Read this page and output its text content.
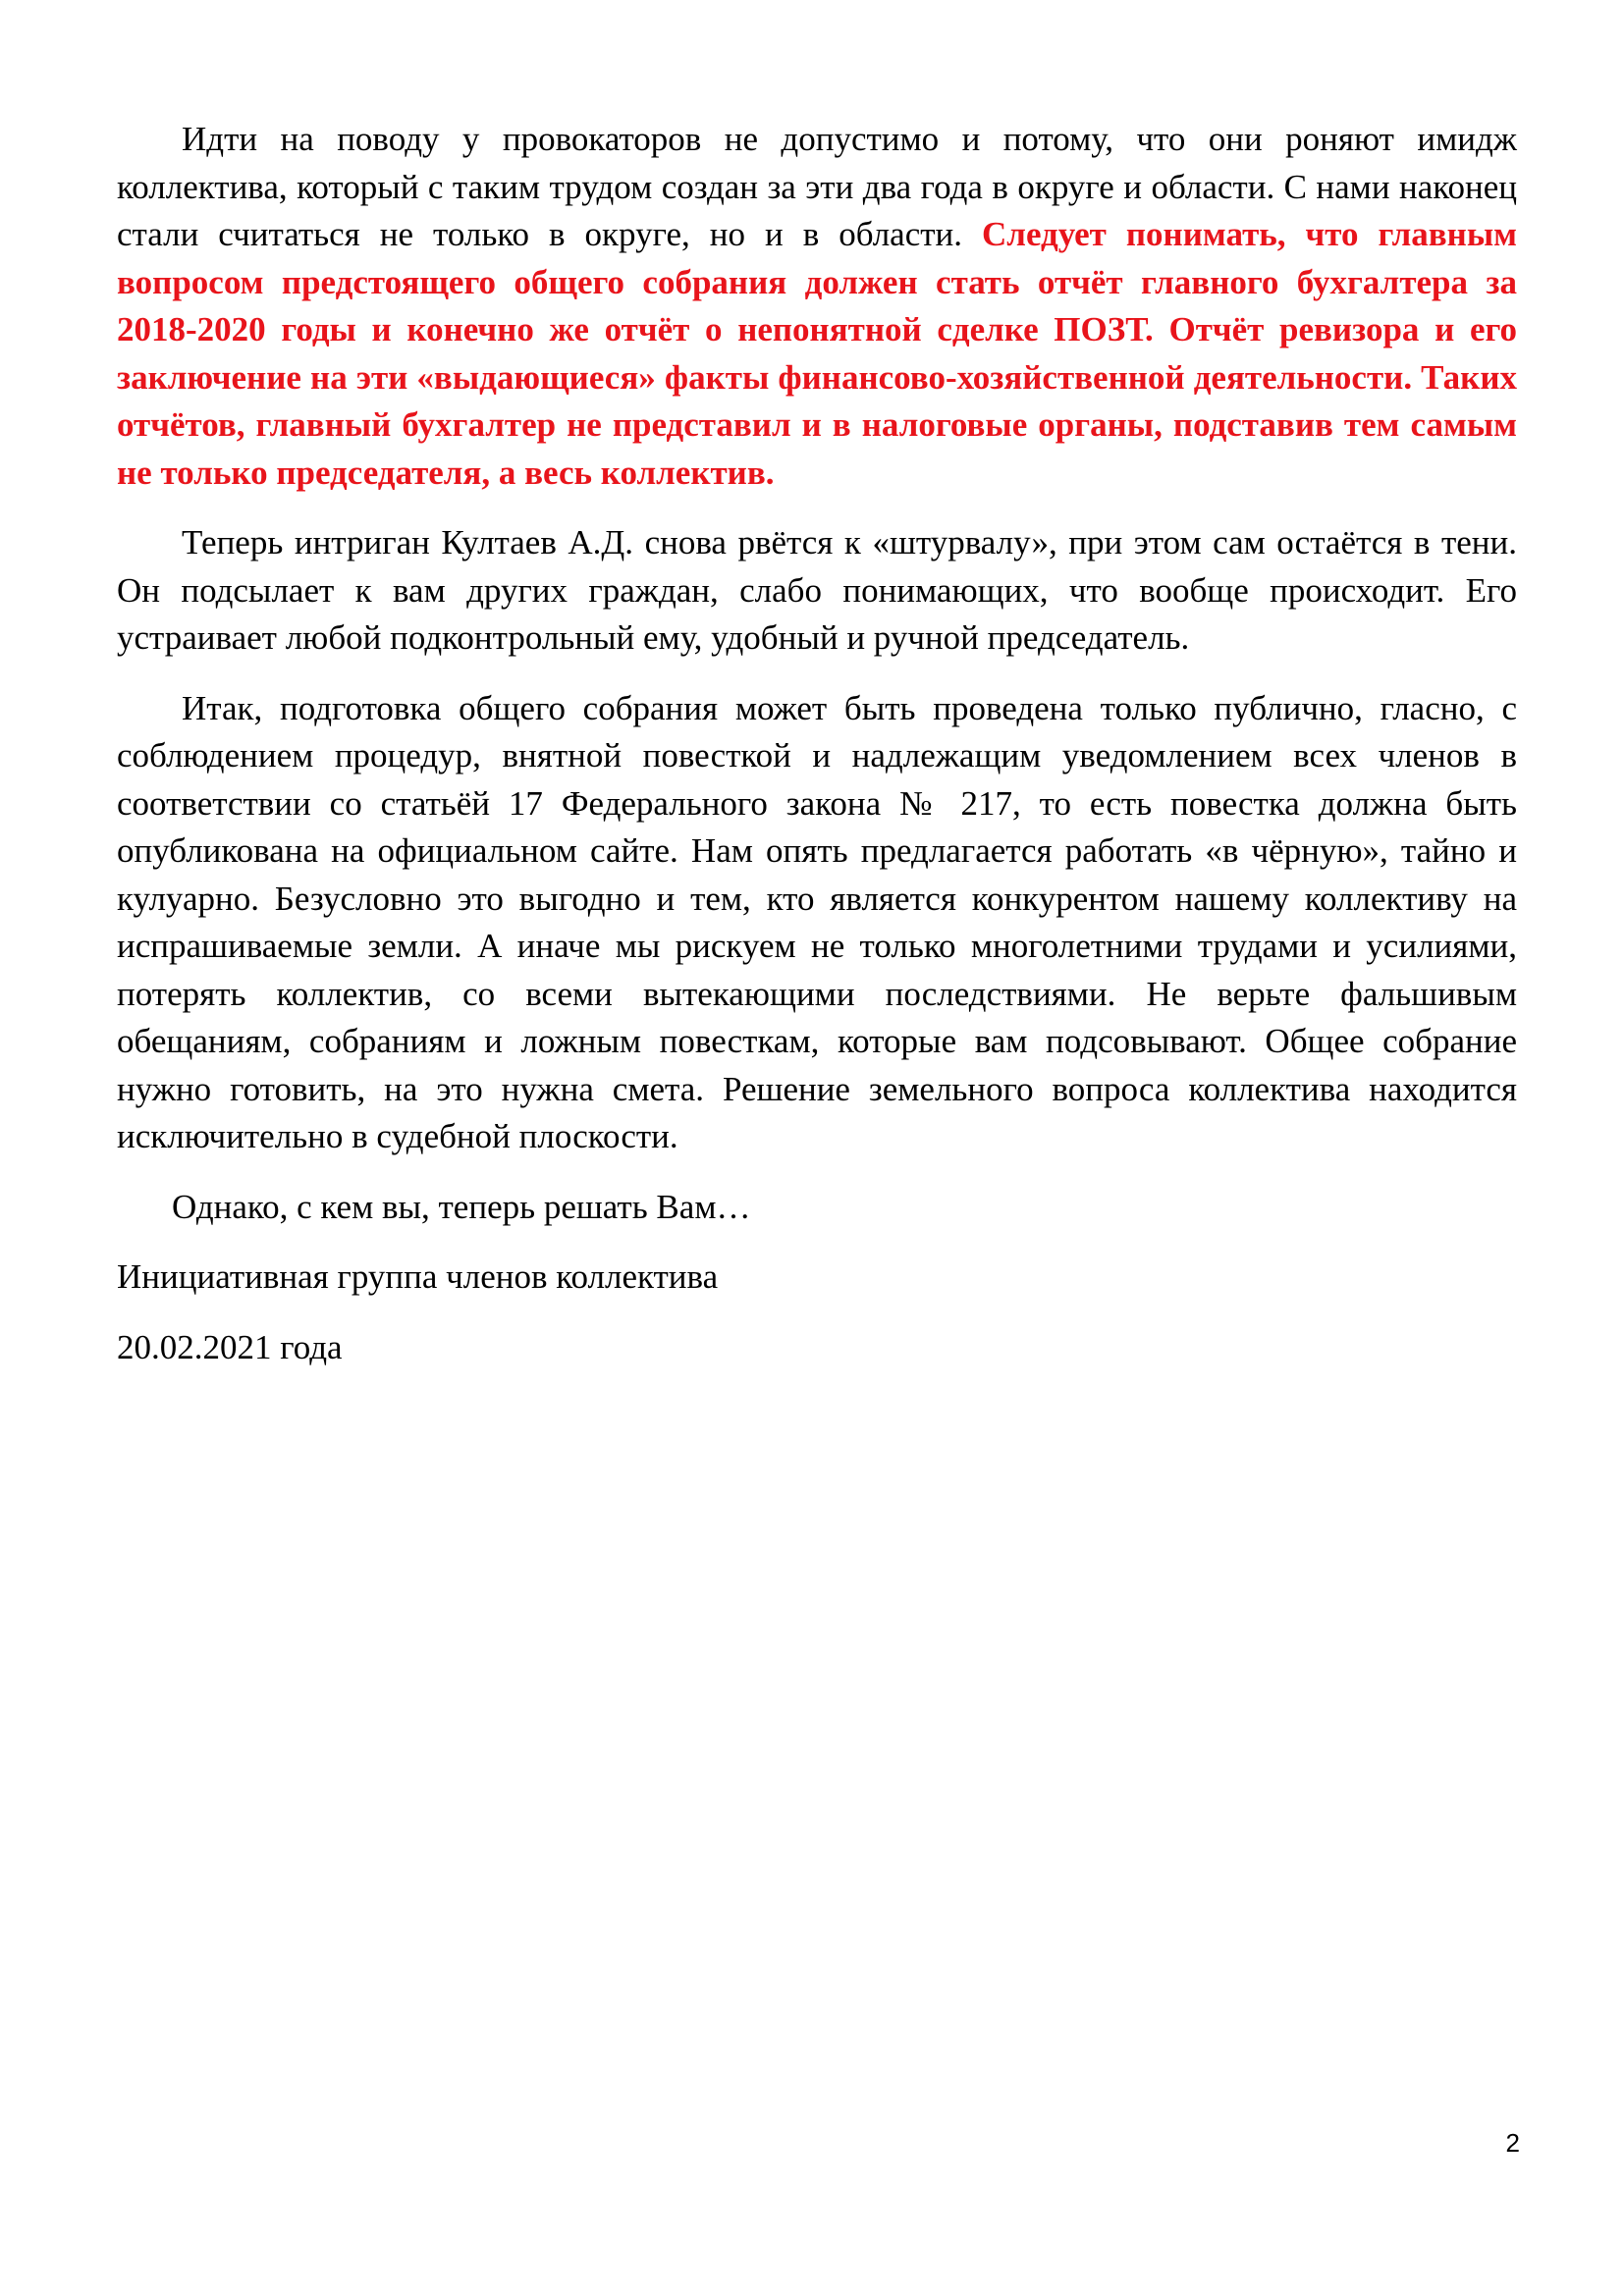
Идти на поводу у провокаторов не допустимо и потому, что они роняют имидж коллектива, который с таким трудом создан за эти два года в округе и области. С нами наконец стали считаться не только в округе, но и в области. Следует понимать, что главным вопросом предстоящего общего собрания должен стать отчёт главного бухгалтера за 2018-2020 годы и конечно же отчёт о непонятной сделке ПОЗТ. Отчёт ревизора и его заключение на эти «выдающиеся» факты финансово-хозяйственной деятельности. Таких отчётов, главный бухгалтер не представил и в налоговые органы, подставив тем самым не только председателя, а весь коллектив.

Теперь интриган Култаев А.Д. снова рвётся к «штурвалу», при этом сам остаётся в тени. Он подсылает к вам других граждан, слабо понимающих, что вообще происходит. Его устраивает любой подконтрольный ему, удобный и ручной председатель.

Итак, подготовка общего собрания может быть проведена только публично, гласно, с соблюдением процедур, внятной повесткой и надлежащим уведомлением всех членов в соответствии со статьёй 17 Федерального закона № 217, то есть повестка должна быть опубликована на официальном сайте. Нам опять предлагается работать «в чёрную», тайно и кулуарно. Безусловно это выгодно и тем, кто является конкурентом нашему коллективу на испрашиваемые земли. А иначе мы рискуем не только многолетними трудами и усилиями, потерять коллектив, со всеми вытекающими последствиями. Не верьте фальшивым обещаниям, собраниям и ложным повесткам, которые вам подсовывают. Общее собрание нужно готовить, на это нужна смета. Решение земельного вопроса коллектива находится исключительно в судебной плоскости.

Однако, с кем вы, теперь решать Вам…

Инициативная группа членов коллектива

20.02.2021 года

2
